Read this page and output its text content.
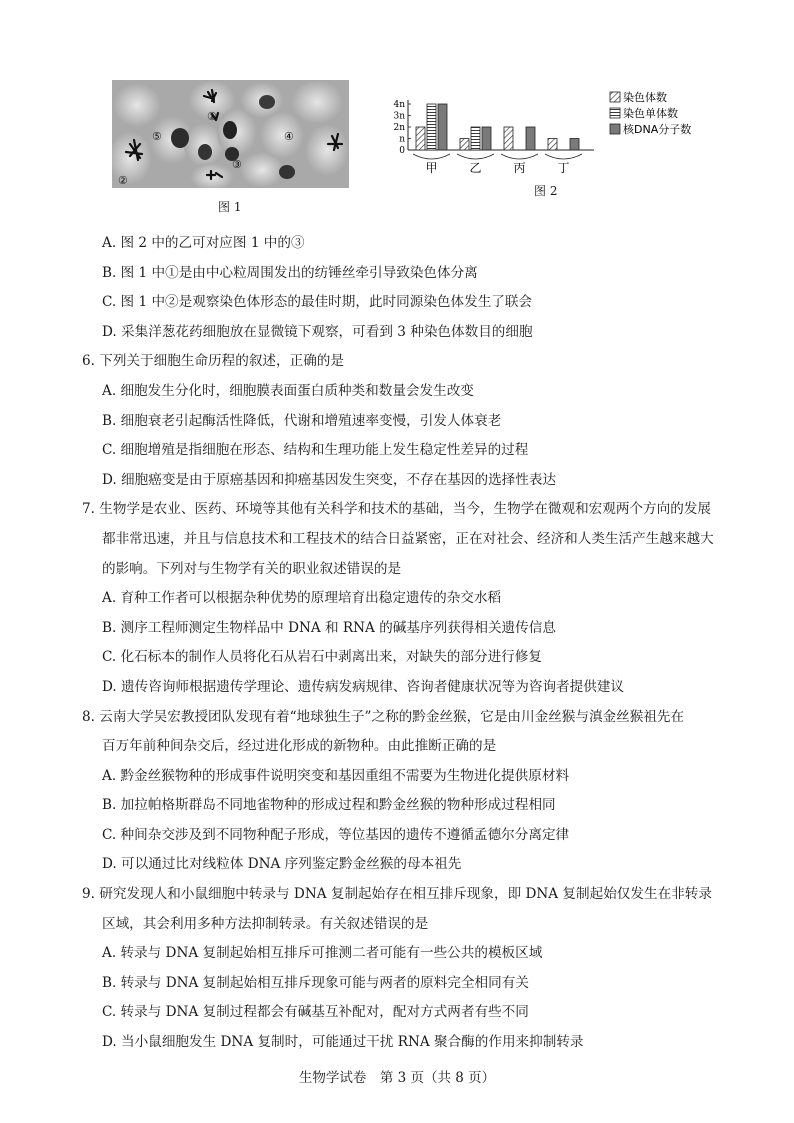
①
②
③
④
⑤
图 1
4n
3n
2n
n
0
甲	乙	丙	丁
染色体数
染色单体数
核DNA分子数
图 2
A. 图 2 中的乙可对应图 1 中的③
B. 图 1 中①是由中心粒周围发出的纺锤丝牵引导致染色体分离
C. 图 1 中②是观察染色体形态的最佳时期，此时同源染色体发生了联会
D. 采集洋葱花药细胞放在显微镜下观察，可看到 3 种染色体数目的细胞
6. 下列关于细胞生命历程的叙述，正确的是
A. 细胞发生分化时，细胞膜表面蛋白质种类和数量会发生改变
B. 细胞衰老引起酶活性降低，代谢和增殖速率变慢，引发人体衰老
C. 细胞增殖是指细胞在形态、结构和生理功能上发生稳定性差异的过程
D. 细胞癌变是由于原癌基因和抑癌基因发生突变，不存在基因的选择性表达
7. 生物学是农业、医药、环境等其他有关科学和技术的基础，当今，生物学在微观和宏观两个方向的发展
都非常迅速，并且与信息技术和工程技术的结合日益紧密，正在对社会、经济和人类生活产生越来越大
的影响。下列对与生物学有关的职业叙述错误的是
A. 育种工作者可以根据杂种优势的原理培育出稳定遗传的杂交水稻
B. 测序工程师测定生物样品中 DNA 和 RNA 的碱基序列获得相关遗传信息
C. 化石标本的制作人员将化石从岩石中剥离出来，对缺失的部分进行修复
D. 遗传咨询师根据遗传学理论、遗传病发病规律、咨询者健康状况等为咨询者提供建议
8. 云南大学吴宏教授团队发现有着“地球独生子”之称的黔金丝猴，它是由川金丝猴与滇金丝猴祖先在
百万年前种间杂交后，经过进化形成的新物种。由此推断正确的是
A. 黔金丝猴物种的形成事件说明突变和基因重组不需要为生物进化提供原材料
B. 加拉帕格斯群岛不同地雀物种的形成过程和黔金丝猴的物种形成过程相同
C. 种间杂交涉及到不同物种配子形成，等位基因的遗传不遵循孟德尔分离定律
D. 可以通过比对线粒体 DNA 序列鉴定黔金丝猴的母本祖先
9. 研究发现人和小鼠细胞中转录与 DNA 复制起始存在相互排斥现象，即 DNA 复制起始仅发生在非转录
区域，其会利用多种方法抑制转录。有关叙述错误的是
A. 转录与 DNA 复制起始相互排斥可推测二者可能有一些公共的模板区域
B. 转录与 DNA 复制起始相互排斥现象可能与两者的原料完全相同有关
C. 转录与 DNA 复制过程都会有碱基互补配对，配对方式两者有些不同
D. 当小鼠细胞发生 DNA 复制时，可能通过干扰 RNA 聚合酶的作用来抑制转录
生物学试卷　第 3 页（共 8 页）
